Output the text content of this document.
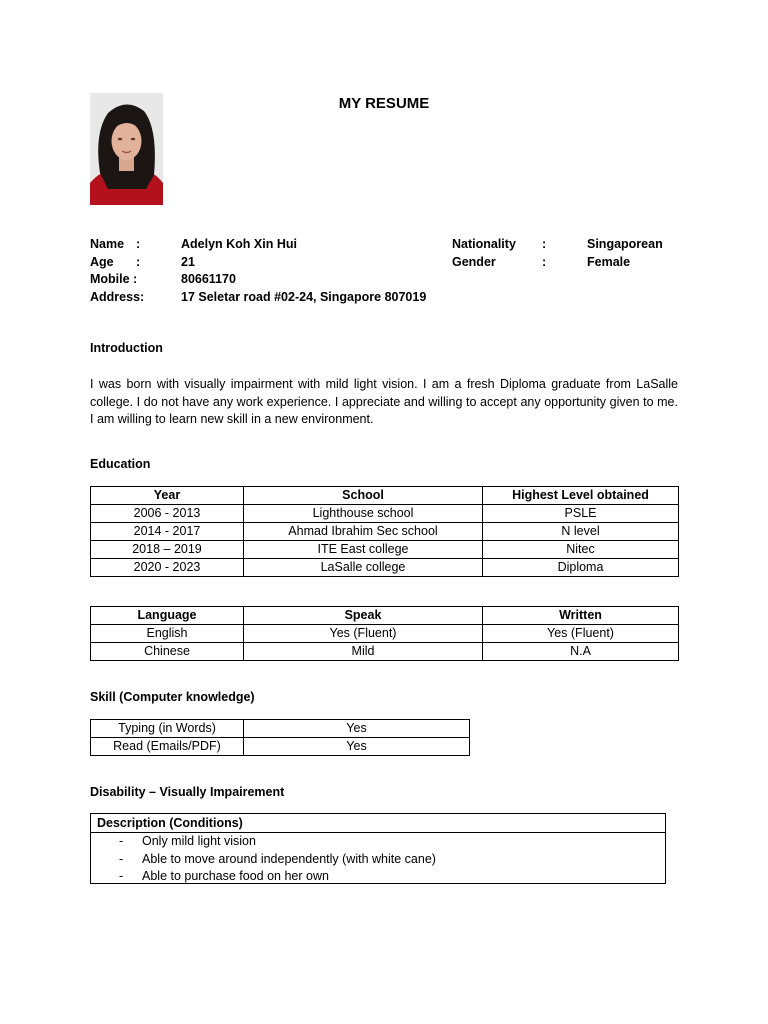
MY RESUME
Name :	Adelyn Koh Xin Hui
Age :	21
Mobile :	80661170
Address:	17 Seletar road #02-24, Singapore 807019
Nationality :	Singaporean
Gender	:	Female
Introduction
I was born with visually impairment with mild light vision. I am a fresh Diploma graduate from LaSalle college. I do not have any work experience. I appreciate and willing to accept any opportunity given to me. I am willing to learn new skill in a new environment.
Education
Year	School	Highest Level obtained
2006 - 2013	Lighthouse school	PSLE
2014 - 2017	Ahmad Ibrahim Sec school	N level
2018 – 2019	ITE East college	Nitec
2020 - 2023	LaSalle college	Diploma
Language	Speak	Written
English	Yes (Fluent)	Yes (Fluent)
Chinese	Mild	N.A
Skill (Computer knowledge)
Typing (in Words)	Yes
Read (Emails/PDF)	Yes
Disability – Visually Impairement
Description (Conditions)
- Only mild light vision
- Able to move around independently (with white cane)
- Able to purchase food on her own
